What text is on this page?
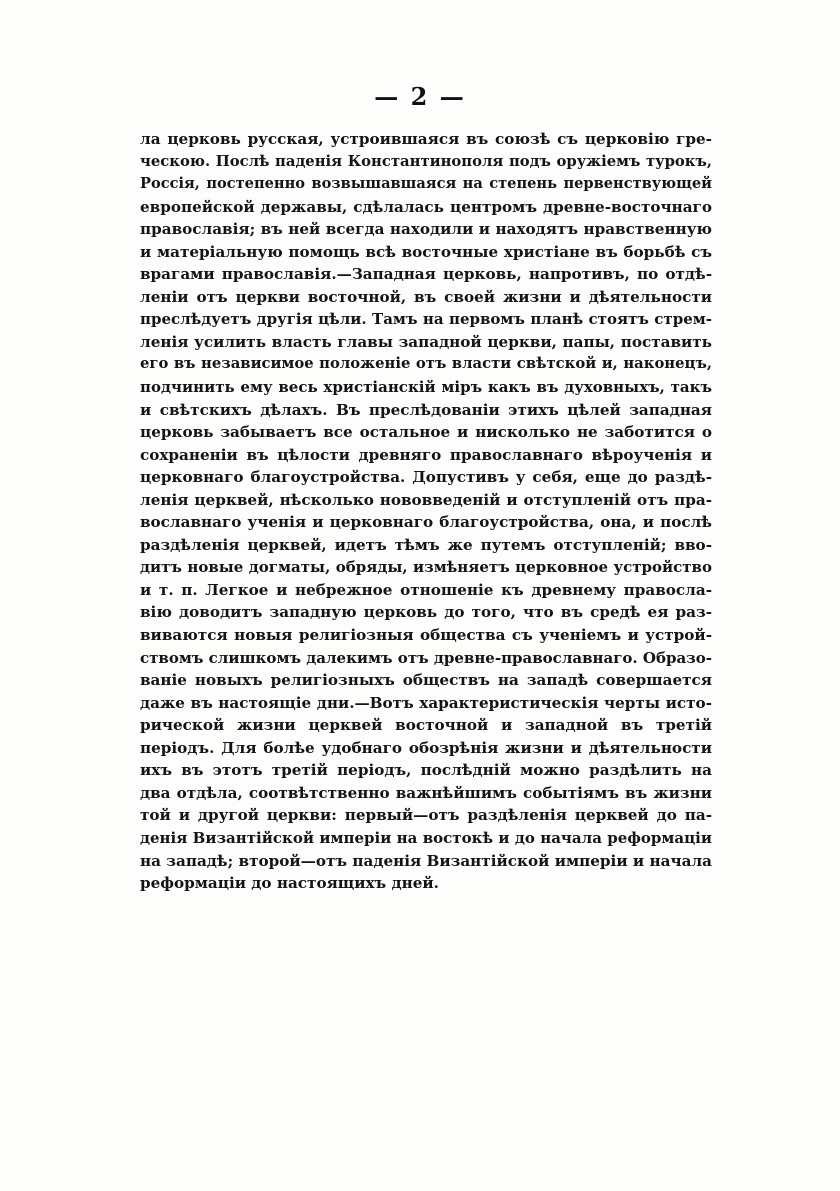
— 2 —
ла церковь русская, устроившаяся въ союзѣ съ церковію гре-
ческою. Послѣ паденія Константинополя подъ оружіемъ турокъ,
Россія, постепенно возвышавшаяся на степень первенствующей
европейской державы, сдѣлалась центромъ древне-восточнаго
православія; въ ней всегда находили и находятъ нравственную
и матеріальную помощь всѣ восточные христіане въ борьбѣ съ
врагами православія.—Западная церковь, напротивъ, по отдѣ-
леніи отъ церкви восточной, въ своей жизни и дѣятельности
преслѣдуетъ другія цѣли. Тамъ на первомъ планѣ стоятъ стрем-
ленія усилить власть главы западной церкви, папы, поставить
его въ независимое положеніе отъ власти свѣтской и, наконецъ,
подчинить ему весь христіанскій міръ какъ въ духовныхъ, такъ
и свѣтскихъ дѣлахъ. Въ преслѣдованіи этихъ цѣлей западная
церковь забываетъ все остальное и нисколько не заботится о
сохраненіи въ цѣлости древняго православнаго вѣроученія и
церковнаго благоустройства. Допустивъ у себя, еще до раздѣ-
ленія церквей, нѣсколько нововведеній и отступленій отъ пра-
вославнаго ученія и церковнаго благоустройства, она, и послѣ
раздѣленія церквей, идетъ тѣмъ же путемъ отступленій; вво-
дитъ новые догматы, обряды, измѣняетъ церковное устройство
и т. п. Легкое и небрежное отношеніе къ древнему правосла-
вію доводитъ западную церковь до того, что въ средѣ ея раз-
виваются новыя религіозныя общества съ ученіемъ и устрой-
ствомъ слишкомъ далекимъ отъ древне-православнаго. Образо-
ваніе новыхъ религіозныхъ обществъ на западѣ совершается
даже въ настоящіе дни.—Вотъ характеристическія черты исто-
рической жизни церквей восточной и западной въ третій
періодъ. Для болѣе удобнаго обозрѣнія жизни и дѣятельности
ихъ въ этотъ третій періодъ, послѣдній можно раздѣлить на
два отдѣла, соотвѣтственно важнѣйшимъ событіямъ въ жизни
той и другой церкви: первый—отъ раздѣленія церквей до па-
денія Византійской имперіи на востокѣ и до начала реформаціи
на западѣ; второй—отъ паденія Византійской имперіи и начала
реформаціи до настоящихъ дней.
